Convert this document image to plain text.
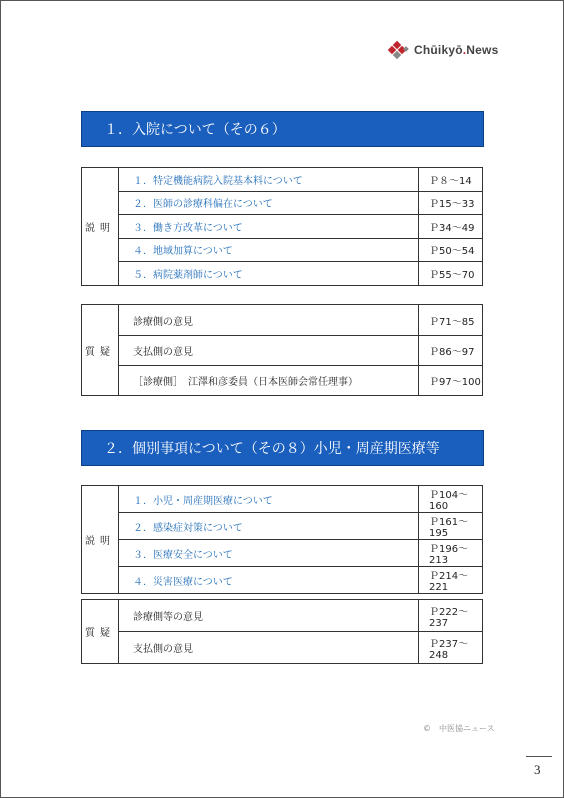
Chūikyō.News
１．入院について（その６）
説明	１．特定機能病院入院基本料について	Ｐ８～14
	２．医師の診療科偏在について	Ｐ15～33
	３．働き方改革について	Ｐ34～49
	４．地域加算について	Ｐ50～54
	５．病院薬剤師について	Ｐ55～70
質疑	診療側の意見	Ｐ71～85
	支払側の意見	Ｐ86～97
	［診療側］　江澤和彦委員（日本医師会常任理事）	Ｐ97～100
２．個別事項について（その８）小児・周産期医療等
説明	１．小児・周産期医療について	Ｐ104～160
	２．感染症対策について	Ｐ161～195
	３．医療安全について	Ｐ196～213
	４．災害医療について	Ｐ214～221
質疑	診療側等の意見	Ｐ222～237
	支払側の意見	Ｐ237～248
©　中医協ニュース
3
